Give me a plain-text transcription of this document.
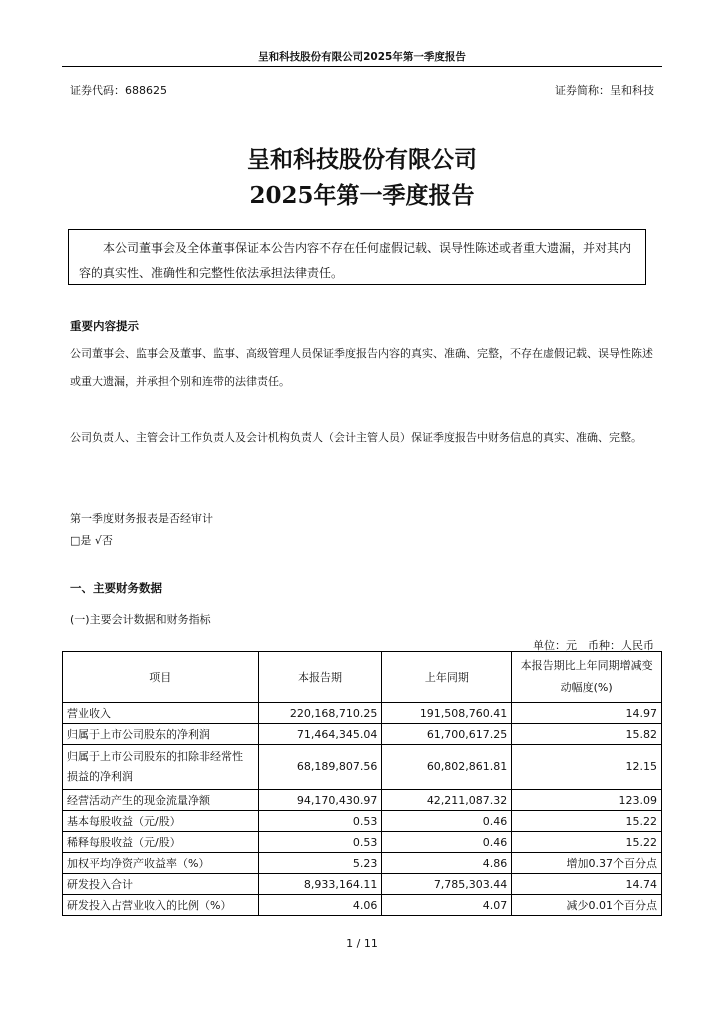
呈和科技股份有限公司2025年第一季度报告
证券代码：688625	证券简称：呈和科技
呈和科技股份有限公司
2025年第一季度报告

本公司董事会及全体董事保证本公告内容不存在任何虚假记载、误导性陈述或者重大遗漏，并对其内容的真实性、准确性和完整性依法承担法律责任。

重要内容提示

公司董事会、监事会及董事、监事、高级管理人员保证季度报告内容的真实、准确、完整，不存在虚假记载、误导性陈述或重大遗漏，并承担个别和连带的法律责任。

公司负责人、主管会计工作负责人及会计机构负责人（会计主管人员）保证季度报告中财务信息的真实、准确、完整。

第一季度财务报表是否经审计
□是 √否
一、主要财务数据
(一)主要会计数据和财务指标
单位：元　币种：人民币
项目	本报告期	上年同期	本报告期比上年同期增减变动幅度(%)
营业收入	220,168,710.25	191,508,760.41	14.97
归属于上市公司股东的净利润	71,464,345.04	61,700,617.25	15.82
归属于上市公司股东的扣除非经常性损益的净利润	68,189,807.56	60,802,861.81	12.15
经营活动产生的现金流量净额	94,170,430.97	42,211,087.32	123.09
基本每股收益（元/股）	0.53	0.46	15.22
稀释每股收益（元/股）	0.53	0.46	15.22
加权平均净资产收益率（%）	5.23	4.86	增加0.37个百分点
研发投入合计	8,933,164.11	7,785,303.44	14.74
研发投入占营业收入的比例（%）	4.06	4.07	减少0.01个百分点
1 / 11
